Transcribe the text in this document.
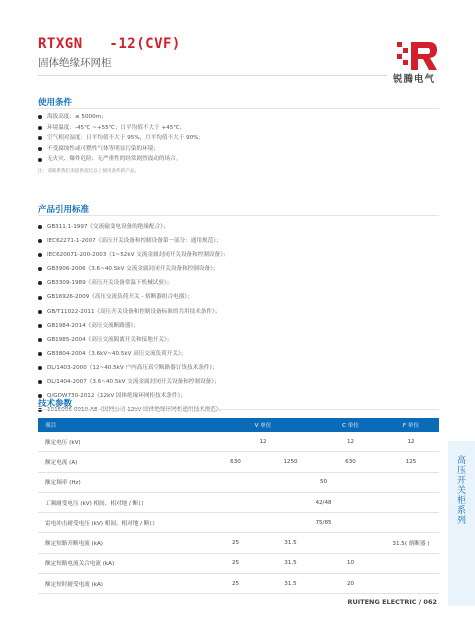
RTXGN   -12(CVF)
固体绝缘环网柜
锐腾电气
使用条件
海拔高度：≤ 5000m；
环境温度：-45℃ ~+55℃；日平均值不大于 +45℃；
空气相对湿度：日平均值不大于 95%，月平均值不大于 90%；
不受腐蚀性或可燃性气体等明显污染的环境；
无火灾、爆炸危险、无严重性的经常剧烈震动的场合。
注：请联系我们来提供超过以上使用条件的产品。
产品引用标准
GB311.1-1997《交流输变电设备的绝缘配合》；
IEC62271-1-2007《高压开关设备和控制设备第一部分：通用规范》；
IEC620071-200-2003《1~52kV 交流金属封闭开关设备和控制设备》；
GB3906-2006《3.6~40.5kV 交流金属封闭开关设备和控制设备》；
GB3309-1989《高压开关设备常温下机械试验》；
GB16926-2009《高压交流负荷开关 - 熔断器组合电器》；
GB/T11022-2011《高压开关设备和控制设备标准的共用技术条件》；
GB1984-2014《高压交流断路器》；
GB1985-2004《高压交流隔离开关和接地开关》；
GB3804-2004《3.6kV~40.5kV 高压交流负荷开关》；
DL/1403-2000《12~40.5kV 户内高压真空断路器订货技术条件》；
DL/1404-2007《3.6~40.5kV 交流金属封闭开关设备和控制设备》；
Q/GDW730-2012《12kV 固体绝缘环网柜技术条件》；
1016006-0010-A8《国网公司 12kV 固体绝缘环网柜通用技术规范》。
技术参数
项目	V 单位		C 单位	F 单位
额定电压 (kV)	12		12	12
额定电流 (A)	630	1250	630	125
额定频率 (Hz)	50			
工频耐受电压 (kV) 相间、相对地 / 断口	42/48			
雷电冲击耐受电压 (kV) 相间、相对地 / 断口	75/85			
额定短路开断电流 (kA)	25	31.5		31.5( 熔断器 )
额定短路电流关合电流 (kA)	25	31.5	10	
额定短时耐受电流 (kA)	25	31.5	20	
高压开关柜系列
RUITENG ELECTRIC / 062
